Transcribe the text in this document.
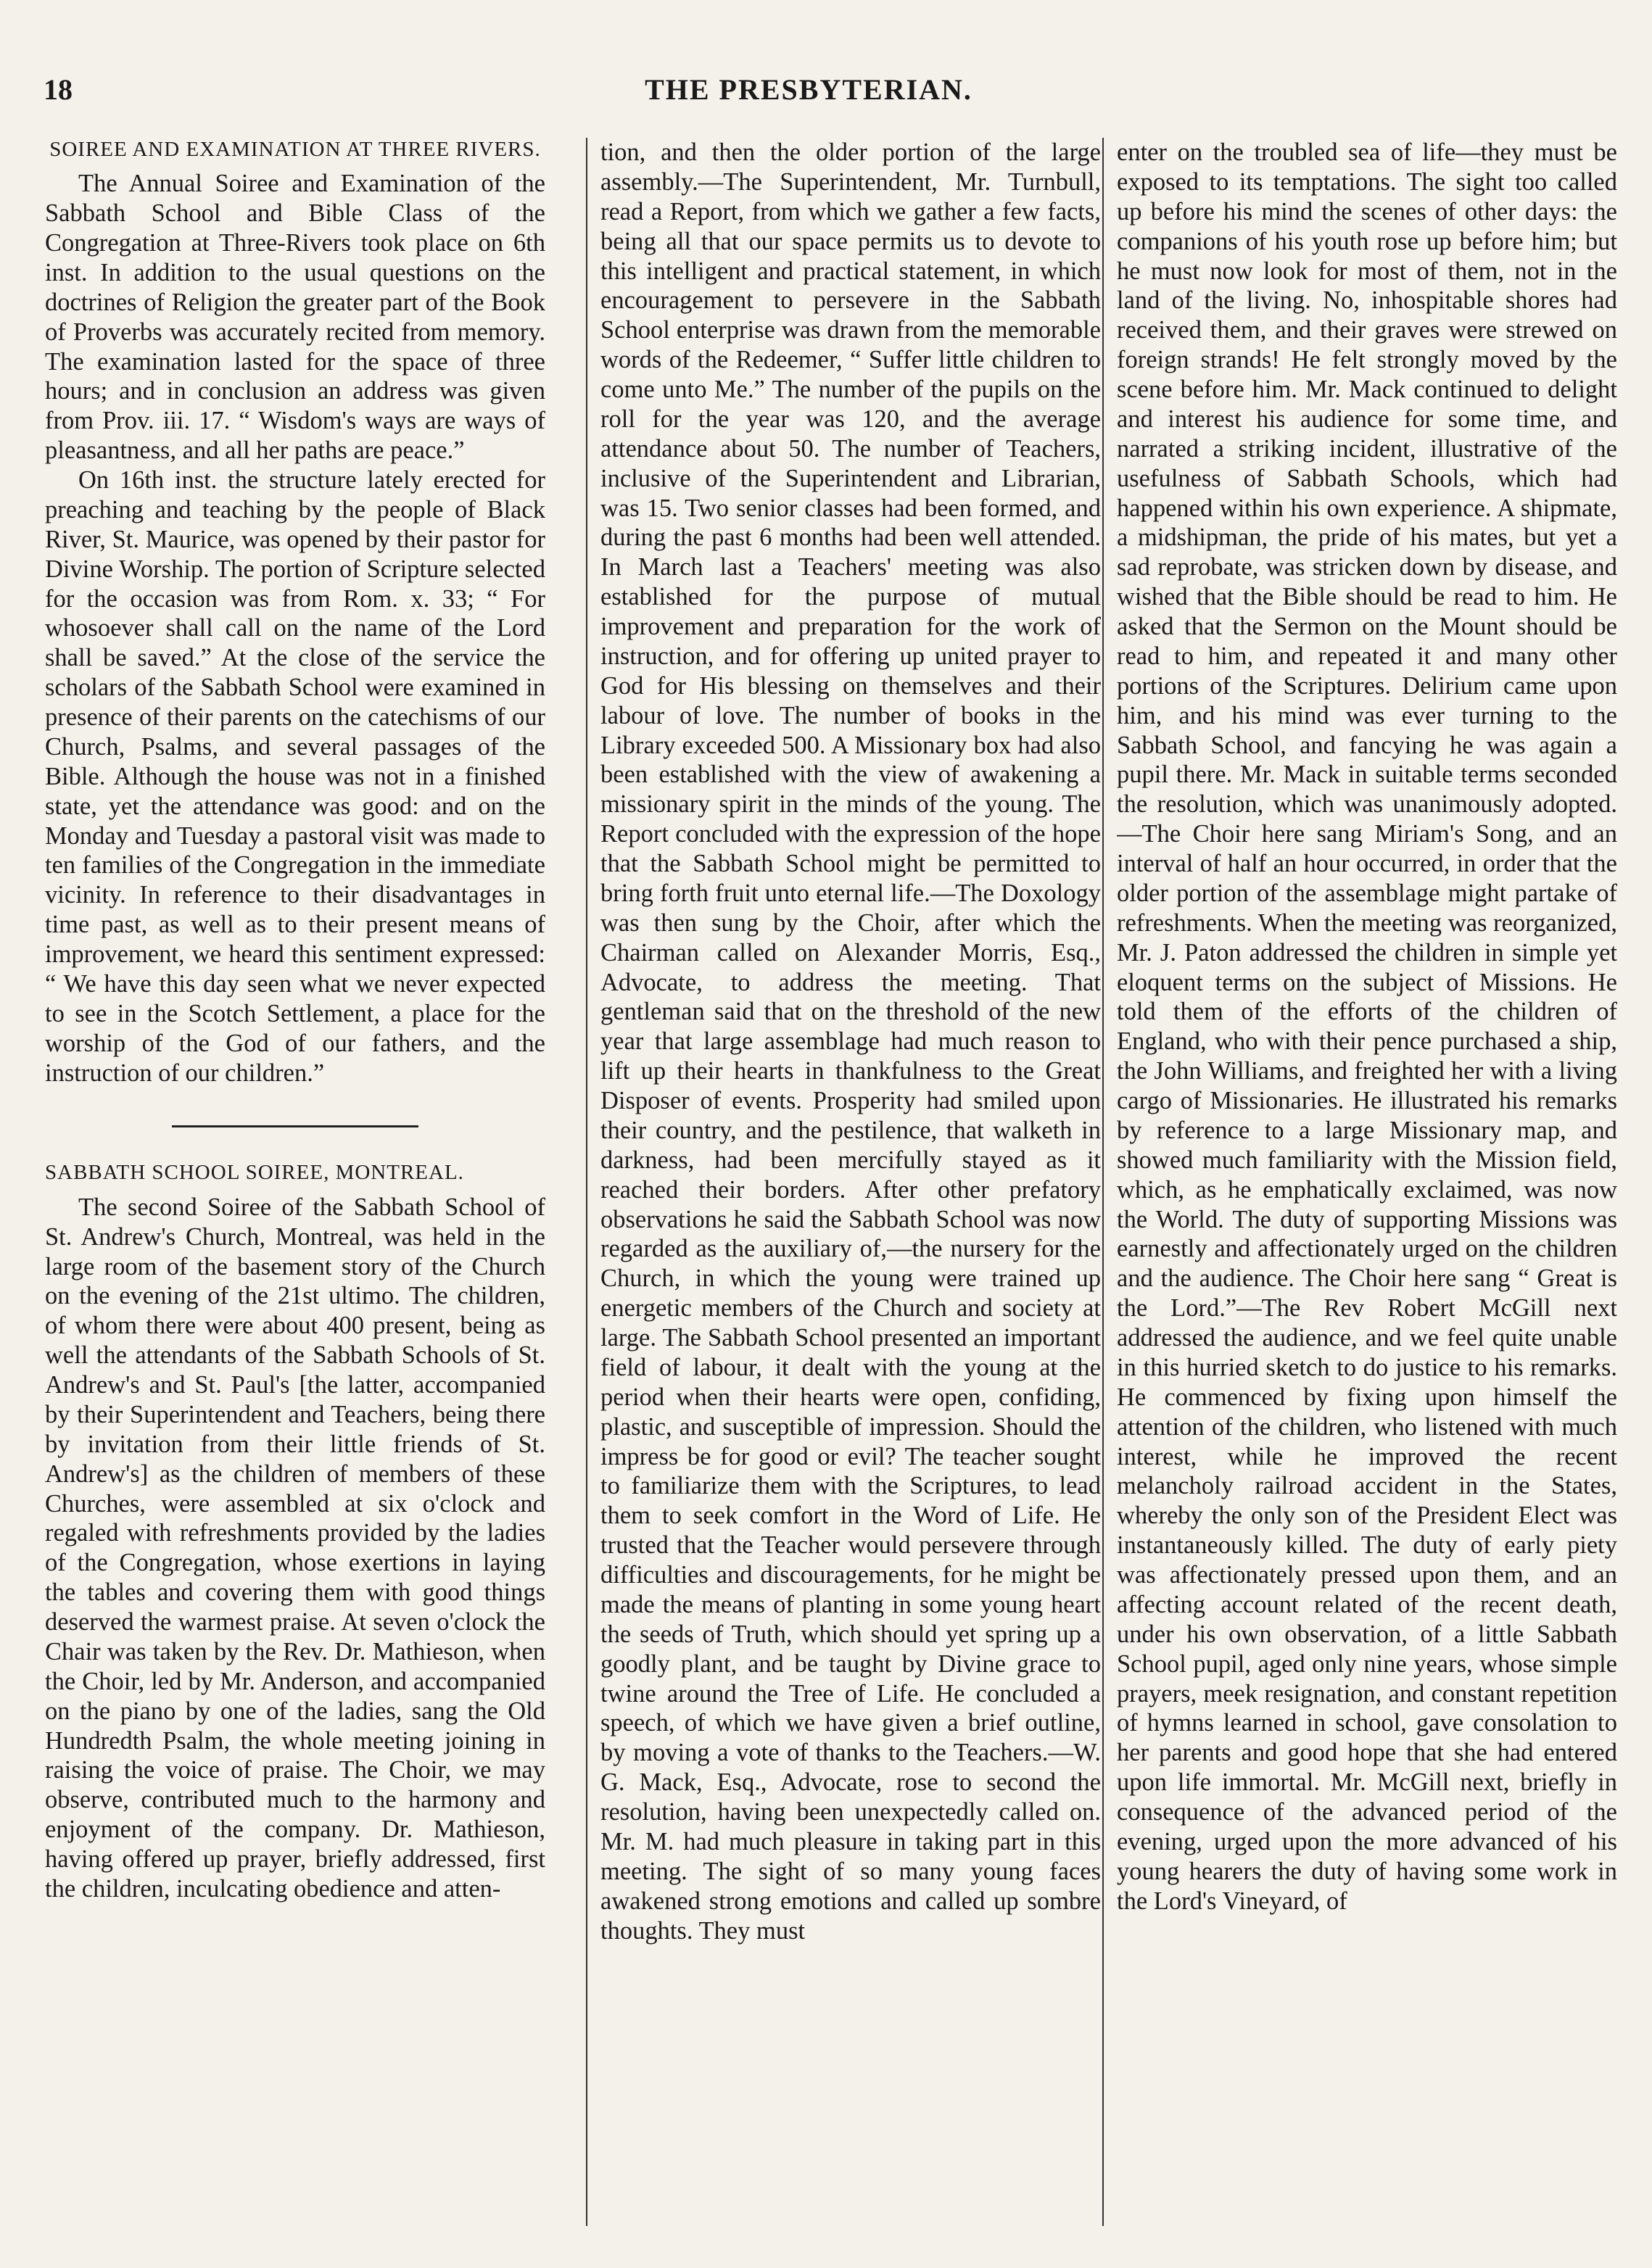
18	THE PRESBYTERIAN.
SOIREE AND EXAMINATION AT THREE RIVERS.

The Annual Soiree and Examination of the Sabbath School and Bible Class of the Congregation at Three-Rivers took place on 6th inst. In addition to the usual questions on the doctrines of Religion the greater part of the Book of Proverbs was accurately recited from memory. The examination lasted for the space of three hours; and in conclusion an address was given from Prov. iii. 17. “ Wisdom's ways are ways of pleasantness, and all her paths are peace.”

On 16th inst. the structure lately erected for preaching and teaching by the people of Black River, St. Maurice, was opened by their pastor for Divine Worship. The portion of Scripture selected for the occasion was from Rom. x. 33; “ For whosoever shall call on the name of the Lord shall be saved.” At the close of the service the scholars of the Sabbath School were examined in presence of their parents on the catechisms of our Church, Psalms, and several passages of the Bible. Although the house was not in a finished state, yet the attendance was good: and on the Monday and Tuesday a pastoral visit was made to ten families of the Congregation in the immediate vicinity. In reference to their disadvantages in time past, as well as to their present means of improvement, we heard this sentiment expressed: “ We have this day seen what we never expected to see in the Scotch Settlement, a place for the worship of the God of our fathers, and the instruction of our children.”

SABBATH SCHOOL SOIREE, MONTREAL.

The second Soiree of the Sabbath School of St. Andrew's Church, Montreal, was held in the large room of the basement story of the Church on the evening of the 21st ultimo. The children, of whom there were about 400 present, being as well the attendants of the Sabbath Schools of St. Andrew's and St. Paul's [the latter, accompanied by their Superintendent and Teachers, being there by invitation from their little friends of St. Andrew's] as the children of members of these Churches, were assembled at six o'clock and regaled with refreshments provided by the ladies of the Congregation, whose exertions in laying the tables and covering them with good things deserved the warmest praise. At seven o'clock the Chair was taken by the Rev. Dr. Mathieson, when the Choir, led by Mr. Anderson, and accompanied on the piano by one of the ladies, sang the Old Hundredth Psalm, the whole meeting joining in raising the voice of praise. The Choir, we may observe, contributed much to the harmony and enjoyment of the company. Dr. Mathieson, having offered up prayer, briefly addressed, first the children, inculcating obedience and atten-

tion, and then the older portion of the large assembly.—The Superintendent, Mr. Turnbull, read a Report, from which we gather a few facts, being all that our space permits us to devote to this intelligent and practical statement, in which encouragement to persevere in the Sabbath School enterprise was drawn from the memorable words of the Redeemer, “ Suffer little children to come unto Me.” The number of the pupils on the roll for the year was 120, and the average attendance about 50. The number of Teachers, inclusive of the Superintendent and Librarian, was 15. Two senior classes had been formed, and during the past 6 months had been well attended. In March last a Teachers' meeting was also established for the purpose of mutual improvement and preparation for the work of instruction, and for offering up united prayer to God for His blessing on themselves and their labour of love. The number of books in the Library exceeded 500. A Missionary box had also been established with the view of awakening a missionary spirit in the minds of the young. The Report concluded with the expression of the hope that the Sabbath School might be permitted to bring forth fruit unto eternal life.—The Doxology was then sung by the Choir, after which the Chairman called on Alexander Morris, Esq., Advocate, to address the meeting. That gentleman said that on the threshold of the new year that large assemblage had much reason to lift up their hearts in thankfulness to the Great Disposer of events. Prosperity had smiled upon their country, and the pestilence, that walketh in darkness, had been mercifully stayed as it reached their borders. After other prefatory observations he said the Sabbath School was now regarded as the auxiliary of,—the nursery for the Church, in which the young were trained up energetic members of the Church and society at large. The Sabbath School presented an important field of labour, it dealt with the young at the period when their hearts were open, confiding, plastic, and susceptible of impression. Should the impress be for good or evil? The teacher sought to familiarize them with the Scriptures, to lead them to seek comfort in the Word of Life. He trusted that the Teacher would persevere through difficulties and discouragements, for he might be made the means of planting in some young heart the seeds of Truth, which should yet spring up a goodly plant, and be taught by Divine grace to twine around the Tree of Life. He concluded a speech, of which we have given a brief outline, by moving a vote of thanks to the Teachers.—W. G. Mack, Esq., Advocate, rose to second the resolution, having been unexpectedly called on. Mr. M. had much pleasure in taking part in this meeting. The sight of so many young faces awakened strong emotions and called up sombre thoughts. They must

enter on the troubled sea of life—they must be exposed to its temptations. The sight too called up before his mind the scenes of other days: the companions of his youth rose up before him; but he must now look for most of them, not in the land of the living. No, inhospitable shores had received them, and their graves were strewed on foreign strands! He felt strongly moved by the scene before him. Mr. Mack continued to delight and interest his audience for some time, and narrated a striking incident, illustrative of the usefulness of Sabbath Schools, which had happened within his own experience. A shipmate, a midshipman, the pride of his mates, but yet a sad reprobate, was stricken down by disease, and wished that the Bible should be read to him. He asked that the Sermon on the Mount should be read to him, and repeated it and many other portions of the Scriptures. Delirium came upon him, and his mind was ever turning to the Sabbath School, and fancying he was again a pupil there. Mr. Mack in suitable terms seconded the resolution, which was unanimously adopted.—The Choir here sang Miriam's Song, and an interval of half an hour occurred, in order that the older portion of the assemblage might partake of refreshments. When the meeting was reorganized, Mr. J. Paton addressed the children in simple yet eloquent terms on the subject of Missions. He told them of the efforts of the children of England, who with their pence purchased a ship, the John Williams, and freighted her with a living cargo of Missionaries. He illustrated his remarks by reference to a large Missionary map, and showed much familiarity with the Mission field, which, as he emphatically exclaimed, was now the World. The duty of supporting Missions was earnestly and affectionately urged on the children and the audience. The Choir here sang “ Great is the Lord.”—The Rev Robert McGill next addressed the audience, and we feel quite unable in this hurried sketch to do justice to his remarks. He commenced by fixing upon himself the attention of the children, who listened with much interest, while he improved the recent melancholy railroad accident in the States, whereby the only son of the President Elect was instantaneously killed. The duty of early piety was affectionately pressed upon them, and an affecting account related of the recent death, under his own observation, of a little Sabbath School pupil, aged only nine years, whose simple prayers, meek resignation, and constant repetition of hymns learned in school, gave consolation to her parents and good hope that she had entered upon life immortal. Mr. McGill next, briefly in consequence of the advanced period of the evening, urged upon the more advanced of his young hearers the duty of having some work in the Lord's Vineyard, of
